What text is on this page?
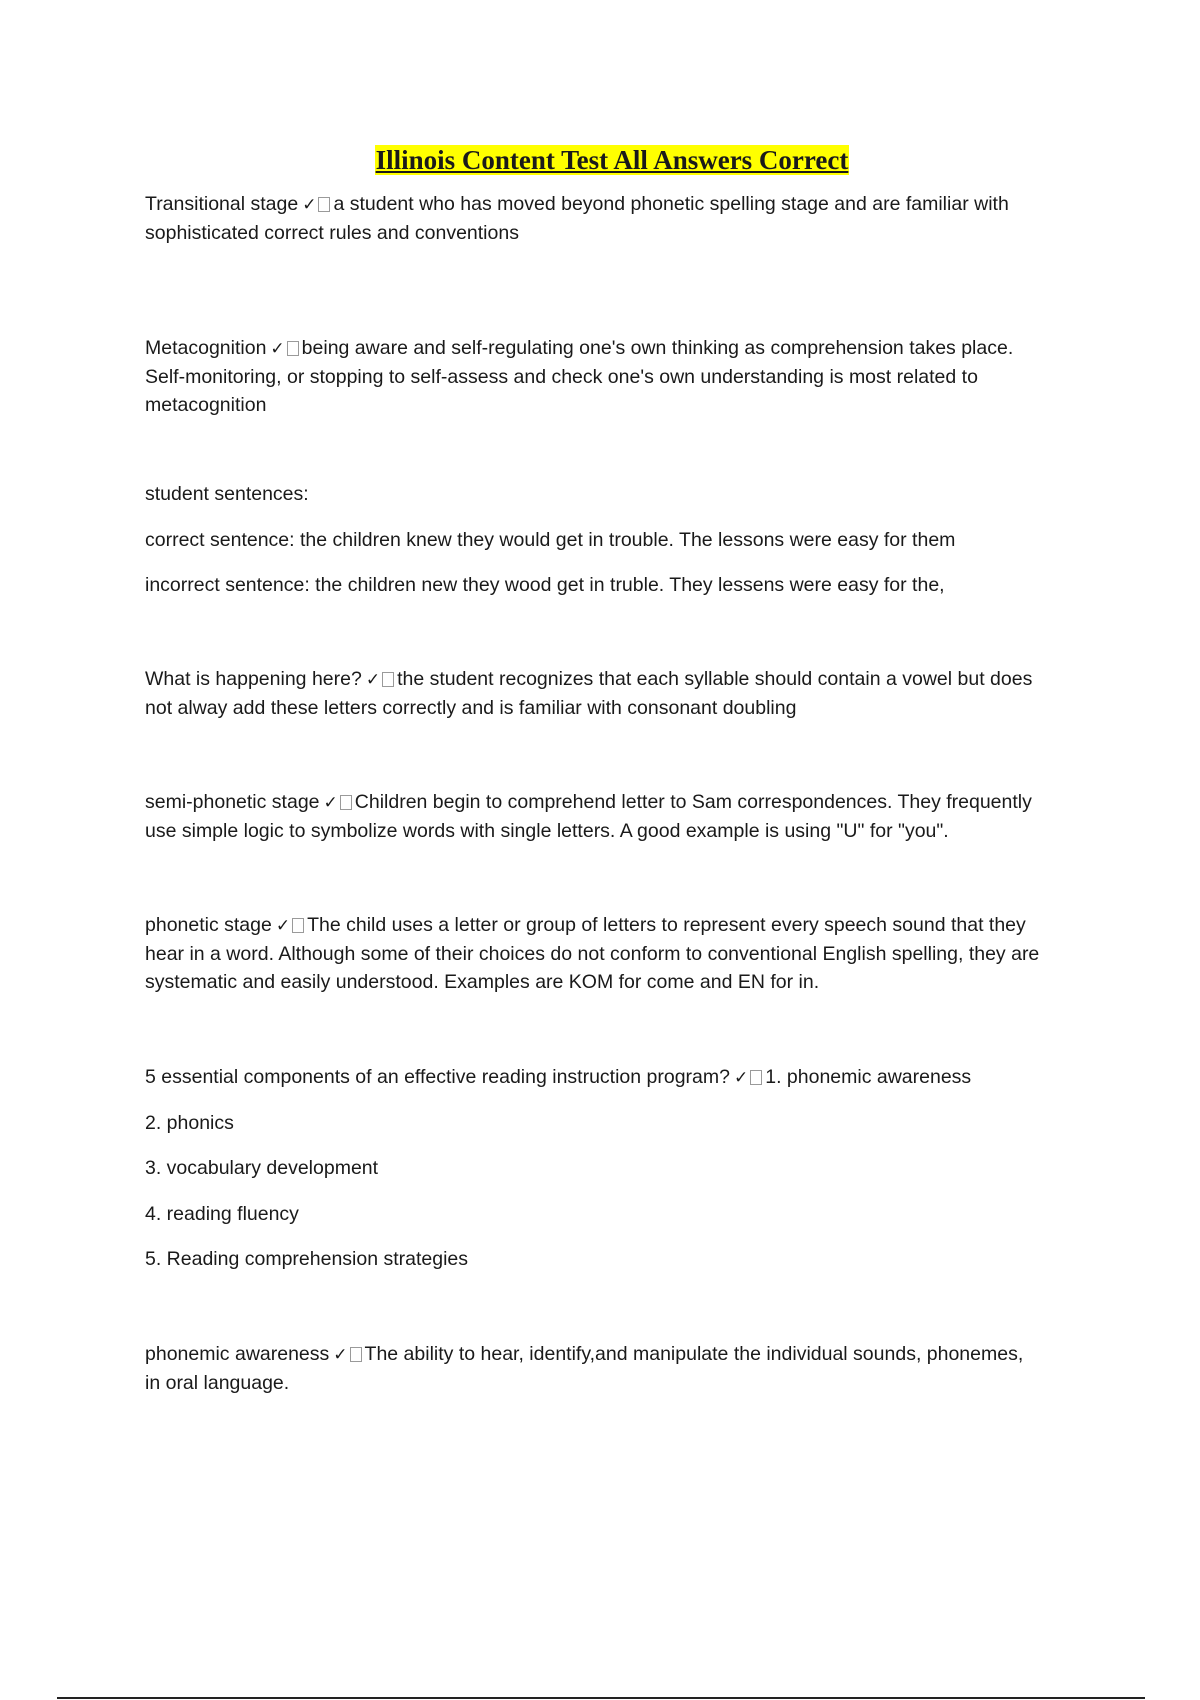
Illinois Content Test All Answers Correct

Transitional stage ✓ a student who has moved beyond phonetic spelling stage and are familiar with
sophisticated correct rules and conventions

Metacognition ✓ being aware and self-regulating one's own thinking as comprehension takes place.
Self-monitoring, or stopping to self-assess and check one's own understanding is most related to
metacognition

student sentences:

correct sentence: the children knew they would get in trouble. The lessons were easy for them

incorrect sentence: the children new they wood get in truble. They lessens were easy for the,

What is happening here? ✓ the student recognizes that each syllable should contain a vowel but does
not alway add these letters correctly and is familiar with consonant doubling

semi-phonetic stage ✓ Children begin to comprehend letter to Sam correspondences. They frequently
use simple logic to symbolize words with single letters. A good example is using "U" for "you".

phonetic stage ✓ The child uses a letter or group of letters to represent every speech sound that they
hear in a word. Although some of their choices do not conform to conventional English spelling, they are
systematic and easily understood. Examples are KOM for come and EN for in.

5 essential components of an effective reading instruction program? ✓ 1. phonemic awareness

2. phonics

3. vocabulary development

4. reading fluency

5. Reading comprehension strategies

phonemic awareness ✓ The ability to hear, identify,and manipulate the individual sounds, phonemes,
in oral language.
